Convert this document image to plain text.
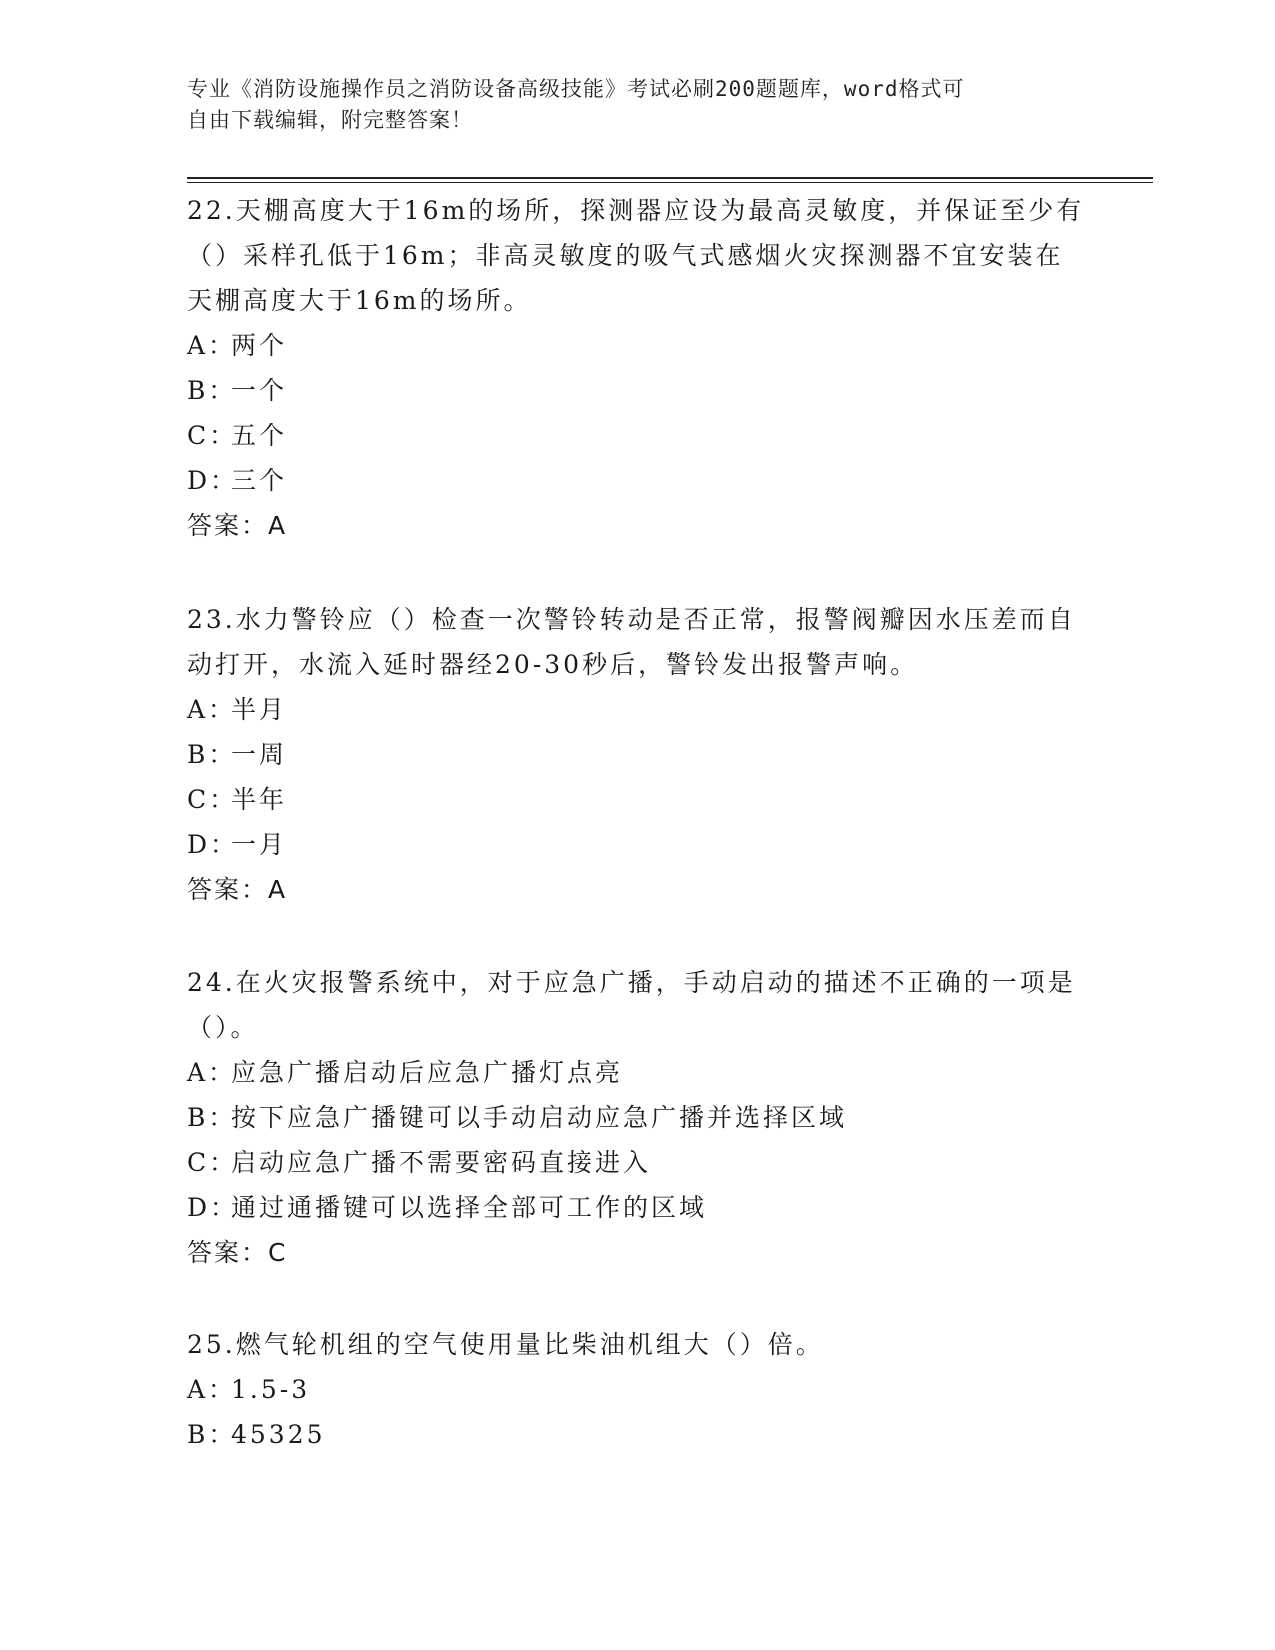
专业《消防设施操作员之消防设备高级技能》考试必刷200题题库，word格式可
自由下载编辑，附完整答案！

22.天棚高度大于16m的场所，探测器应设为最高灵敏度，并保证至少有（）采样孔低于16m；非高灵敏度的吸气式感烟火灾探测器不宜安装在天棚高度大于16m的场所。

A：两个
B：一个
C：五个
D：三个

答案：A

23.水力警铃应（）检查一次警铃转动是否正常，报警阀瓣因水压差而自动打开，水流入延时器经20-30秒后，警铃发出报警声响。

A：半月
B：一周
C：半年
D：一月

答案：A

24.在火灾报警系统中，对于应急广播，手动启动的描述不正确的一项是（）。

A：应急广播启动后应急广播灯点亮
B：按下应急广播键可以手动启动应急广播并选择区域
C：启动应急广播不需要密码直接进入
D：通过通播键可以选择全部可工作的区域

答案：C

25.燃气轮机组的空气使用量比柴油机组大（）倍。

A：1.5-3
B：45325
